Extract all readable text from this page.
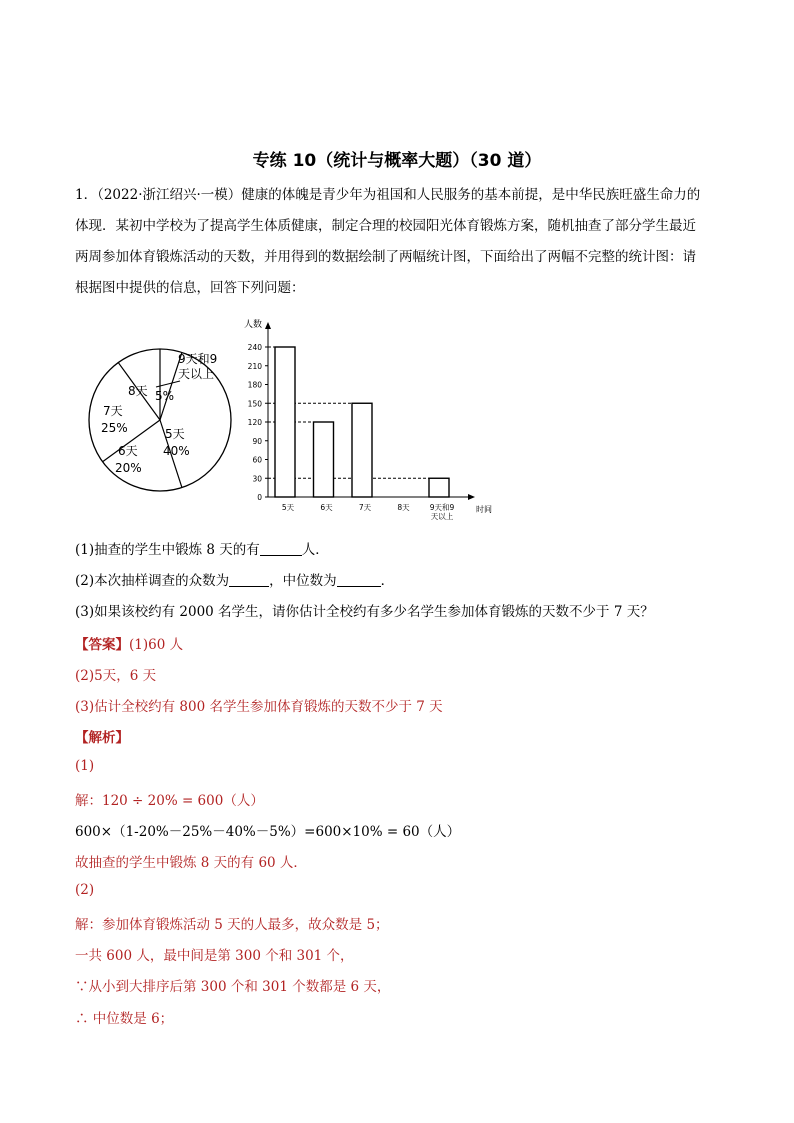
专练 10（统计与概率大题）（30 道）
1．（2022·浙江绍兴·一模）健康的体魄是青少年为祖国和人民服务的基本前提，是中华民族旺盛生命力的
体现．某初中学校为了提高学生体质健康，制定合理的校园阳光体育锻炼方案，随机抽查了部分学生最近
两周参加体育锻炼活动的天数，并用得到的数据绘制了两幅统计图，下面给出了两幅不完整的统计图：请
根据图中提供的信息，回答下列问题：
8天 5%
7天
25%	5天
40%
6天
20%
9天和9
天以上
人数
时间
0
30
60
90
120
150
180
210
240
5天	6天	7天	8天	9天和9
天以上
(1)抽查的学生中锻炼 8 天的有	人．
(2)本次抽样调查的众数为	，中位数为	．
(3)如果该校约有 2000 名学生，请你估计全校约有多少名学生参加体育锻炼的天数不少于 7 天？
【答案】(1)60 人
(2)5天，6 天
(3)估计全校约有 800 名学生参加体育锻炼的天数不少于 7 天
【解析】
(1)
解：120 ÷ 20% = 600（人）
600×（1-20%－25%－40%－5%）=600×10% = 60（人）
故抽查的学生中锻炼 8 天的有 60 人．
(2)
解：参加体育锻炼活动 5 天的人最多，故众数是 5；
一共 600 人，最中间是第 300 个和 301 个，
∵从小到大排序后第 300 个和 301 个数都是 6 天，
∴ 中位数是 6；
